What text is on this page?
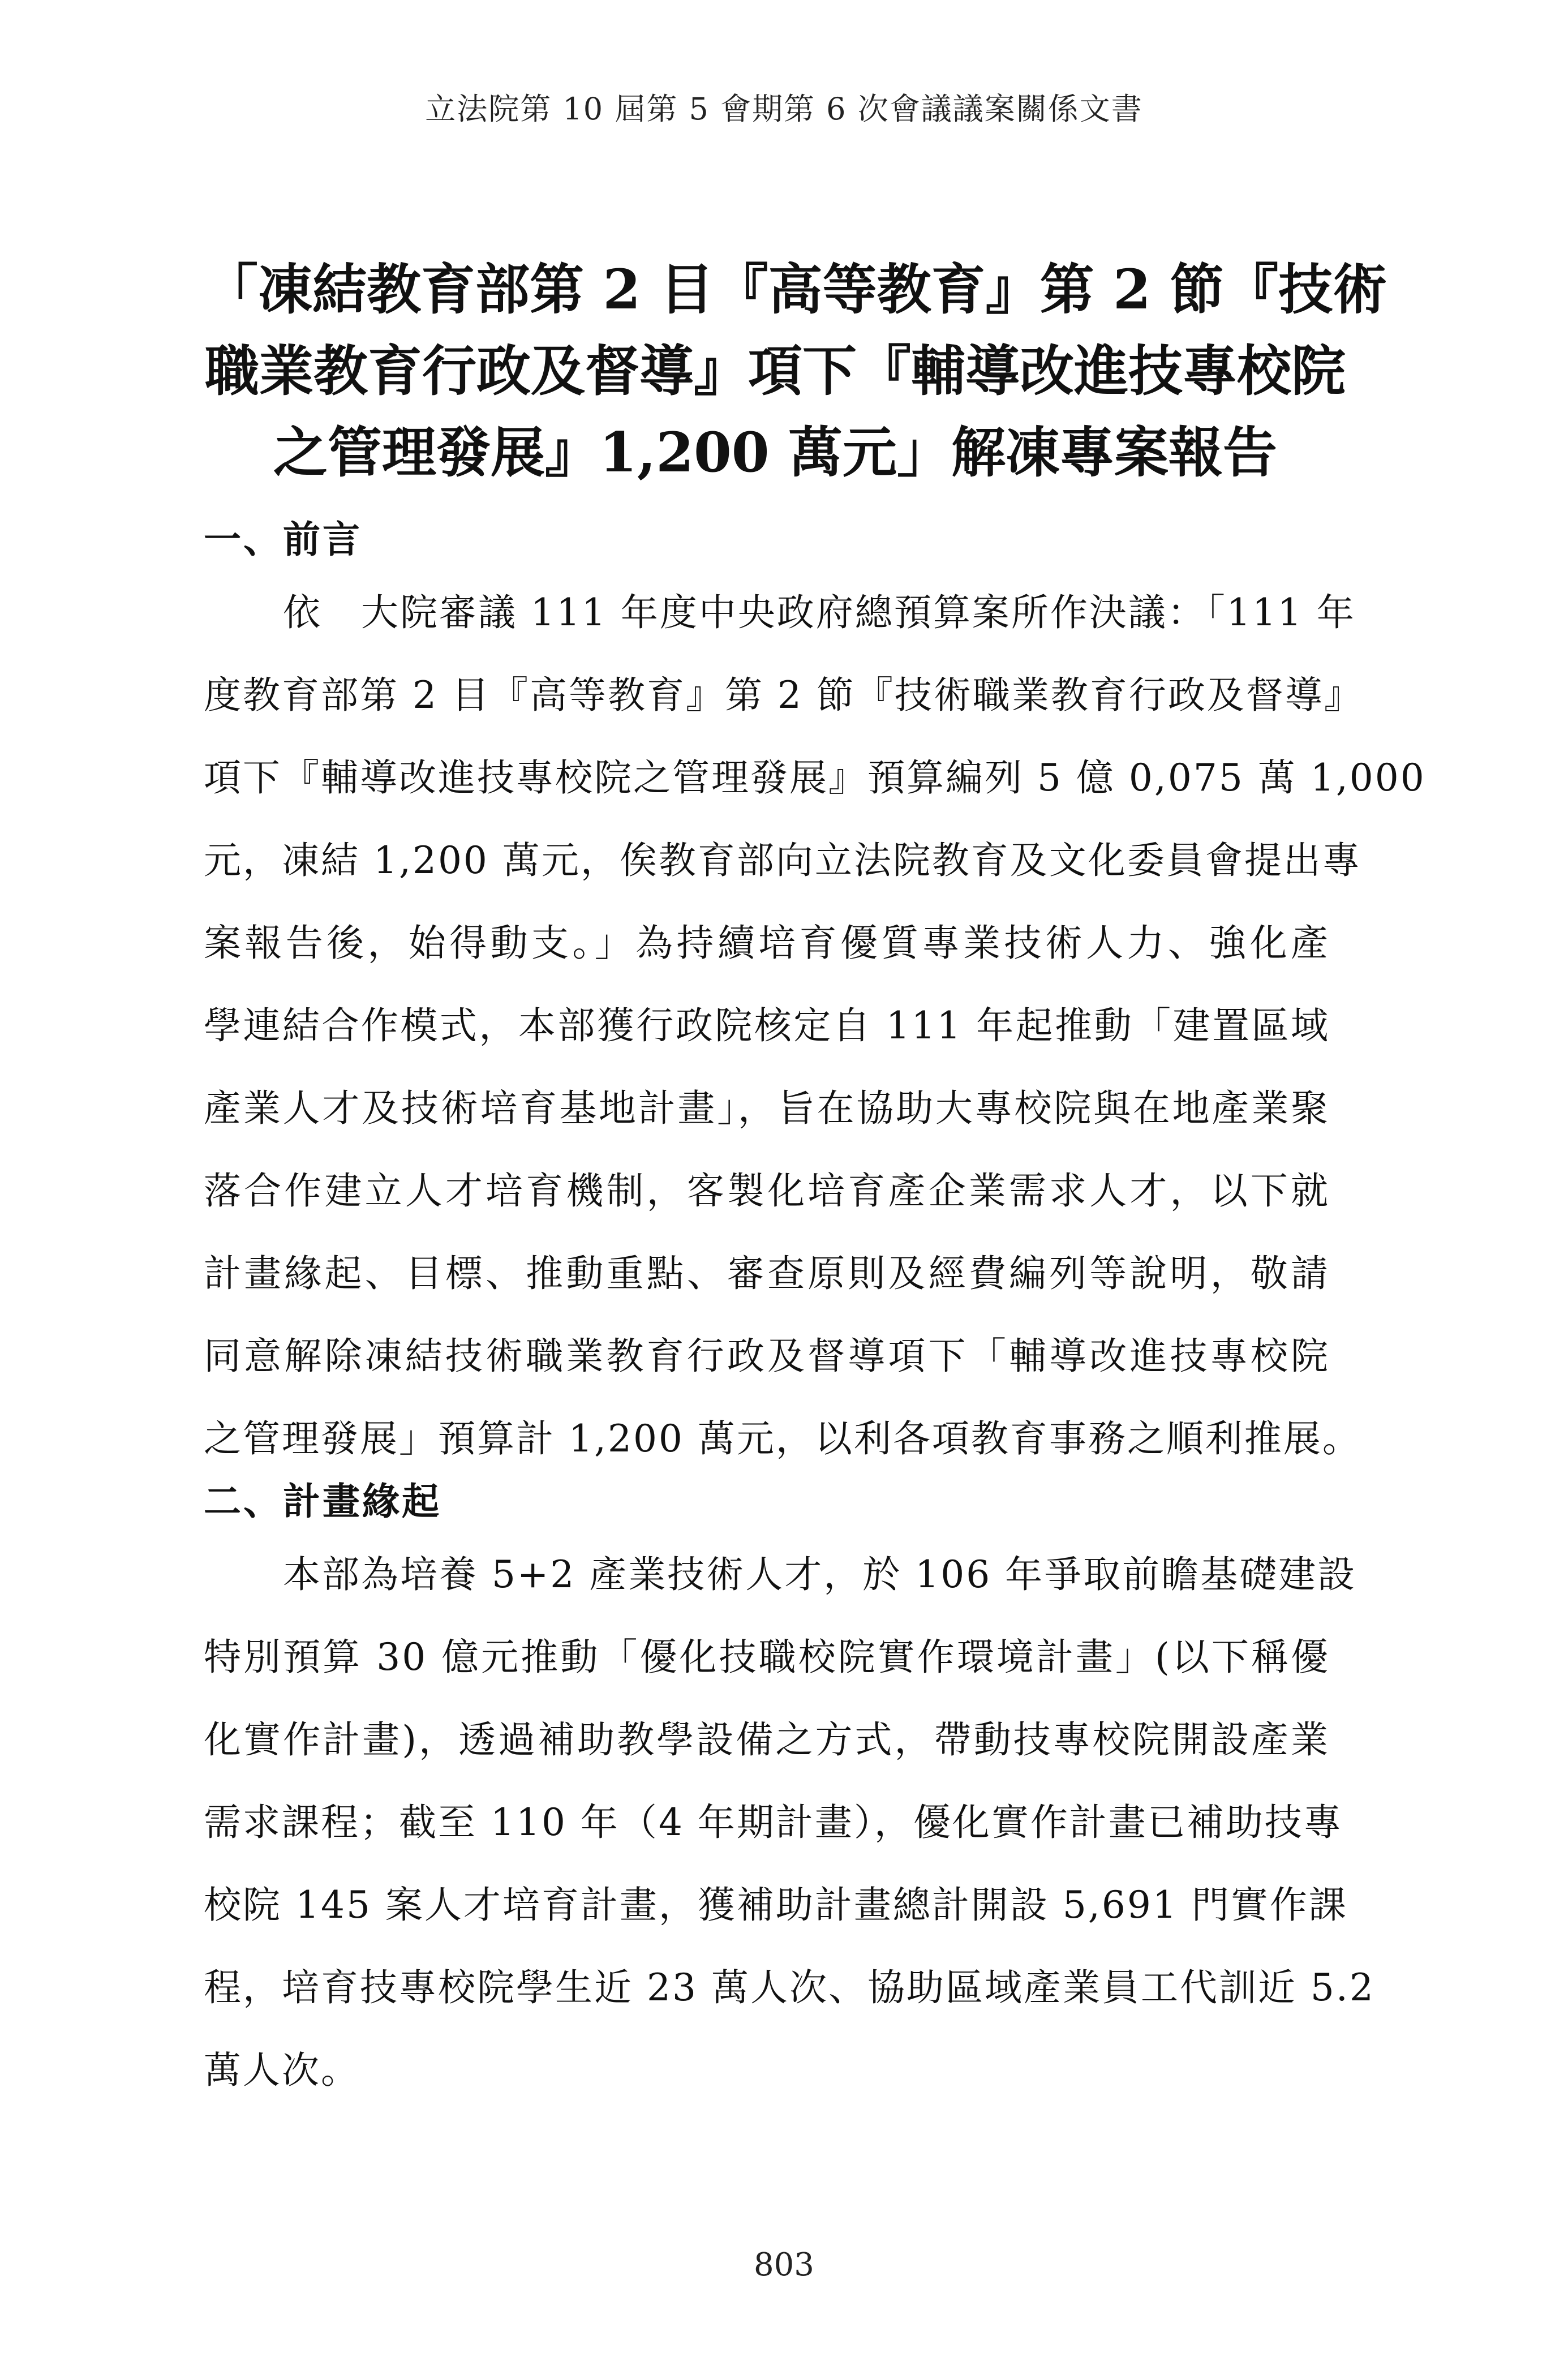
立法院第 10 屆第 5 會期第 6 次會議議案關係文書
「凍結教育部第 2 目『高等教育』第 2 節『技術
職業教育行政及督導』項下『輔導改進技專校院
之管理發展』1,200 萬元」解凍專案報告
一、前言
依　大院審議 111 年度中央政府總預算案所作決議：「111 年
度教育部第 2 目『高等教育』第 2 節『技術職業教育行政及督導』
項下『輔導改進技專校院之管理發展』預算編列 5 億 0,075 萬 1,000
元，凍結 1,200 萬元，俟教育部向立法院教育及文化委員會提出專
案報告後，始得動支。」為持續培育優質專業技術人力、強化產
學連結合作模式，本部獲行政院核定自 111 年起推動「建置區域
產業人才及技術培育基地計畫」，旨在協助大專校院與在地產業聚
落合作建立人才培育機制，客製化培育產企業需求人才，以下就
計畫緣起、目標、推動重點、審查原則及經費編列等說明，敬請
同意解除凍結技術職業教育行政及督導項下「輔導改進技專校院
之管理發展」預算計 1,200 萬元，以利各項教育事務之順利推展。
二、計畫緣起
本部為培養 5+2 產業技術人才，於 106 年爭取前瞻基礎建設
特別預算 30 億元推動「優化技職校院實作環境計畫」(以下稱優
化實作計畫)，透過補助教學設備之方式，帶動技專校院開設產業
需求課程；截至 110 年（4 年期計畫），優化實作計畫已補助技專
校院 145 案人才培育計畫，獲補助計畫總計開設 5,691 門實作課
程，培育技專校院學生近 23 萬人次、協助區域產業員工代訓近 5.2
萬人次。
803
